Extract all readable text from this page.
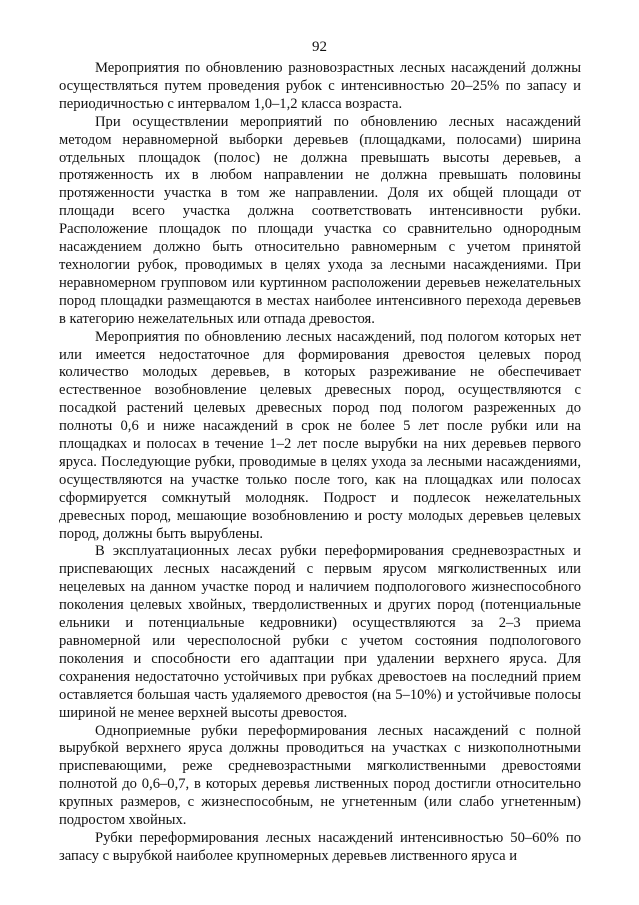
92

Мероприятия по обновлению разновозрастных лесных насаждений должны осуществляться путем проведения рубок с интенсивностью 20–25% по запасу и периодичностью с интервалом 1,0–1,2 класса возраста.

При осуществлении мероприятий по обновлению лесных насаждений методом неравномерной выборки деревьев (площадками, полосами) ширина отдельных площадок (полос) не должна превышать высоты деревьев, а протяженность их в любом направлении не должна превышать половины протяженности участка в том же направлении. Доля их общей площади от площади всего участка должна соответствовать интенсивности рубки. Расположение площадок по площади участка со сравнительно однородным насаждением должно быть относительно равномерным с учетом принятой технологии рубок, проводимых в целях ухода за лесными насаждениями. При неравномерном групповом или куртинном расположении деревьев нежелательных пород площадки размещаются в местах наиболее интенсивного перехода деревьев в категорию нежелательных или отпада древостоя.

Мероприятия по обновлению лесных насаждений, под пологом которых нет или имеется недостаточное для формирования древостоя целевых пород количество молодых деревьев, в которых разреживание не обеспечивает естественное возобновление целевых древесных пород, осуществляются с посадкой растений целевых древесных пород под пологом разреженных до полноты 0,6 и ниже насаждений в срок не более 5 лет после рубки или на площадках и полосах в течение 1–2 лет после вырубки на них деревьев первого яруса. Последующие рубки, проводимые в целях ухода за лесными насаждениями, осуществляются на участке только после того, как на площадках или полосах сформируется сомкнутый молодняк. Подрост и подлесок нежелательных древесных пород, мешающие возобновлению и росту молодых деревьев целевых пород, должны быть вырублены.

В эксплуатационных лесах рубки переформирования средневозрастных и приспевающих лесных насаждений с первым ярусом мягколиственных или нецелевых на данном участке пород и наличием подпологового жизнеспособного поколения целевых хвойных, твердолиственных и других пород (потенциальные ельники и потенциальные кедровники) осуществляются за 2–3 приема равномерной или чересполосной рубки с учетом состояния подпологового поколения и способности его адаптации при удалении верхнего яруса. Для сохранения недостаточно устойчивых при рубках древостоев на последний прием оставляется большая часть удаляемого древостоя (на 5–10%) и устойчивые полосы шириной не менее верхней высоты древостоя.

Одноприемные рубки переформирования лесных насаждений с полной вырубкой верхнего яруса должны проводиться на участках с низкополнотными приспевающими, реже средневозрастными мягколиственными древостоями полнотой до 0,6–0,7, в которых деревья лиственных пород достигли относительно крупных размеров, с жизнеспособным, не угнетенным (или слабо угнетенным) подростом хвойных.

Рубки переформирования лесных насаждений интенсивностью 50–60% по запасу с вырубкой наиболее крупномерных деревьев лиственного яруса и
